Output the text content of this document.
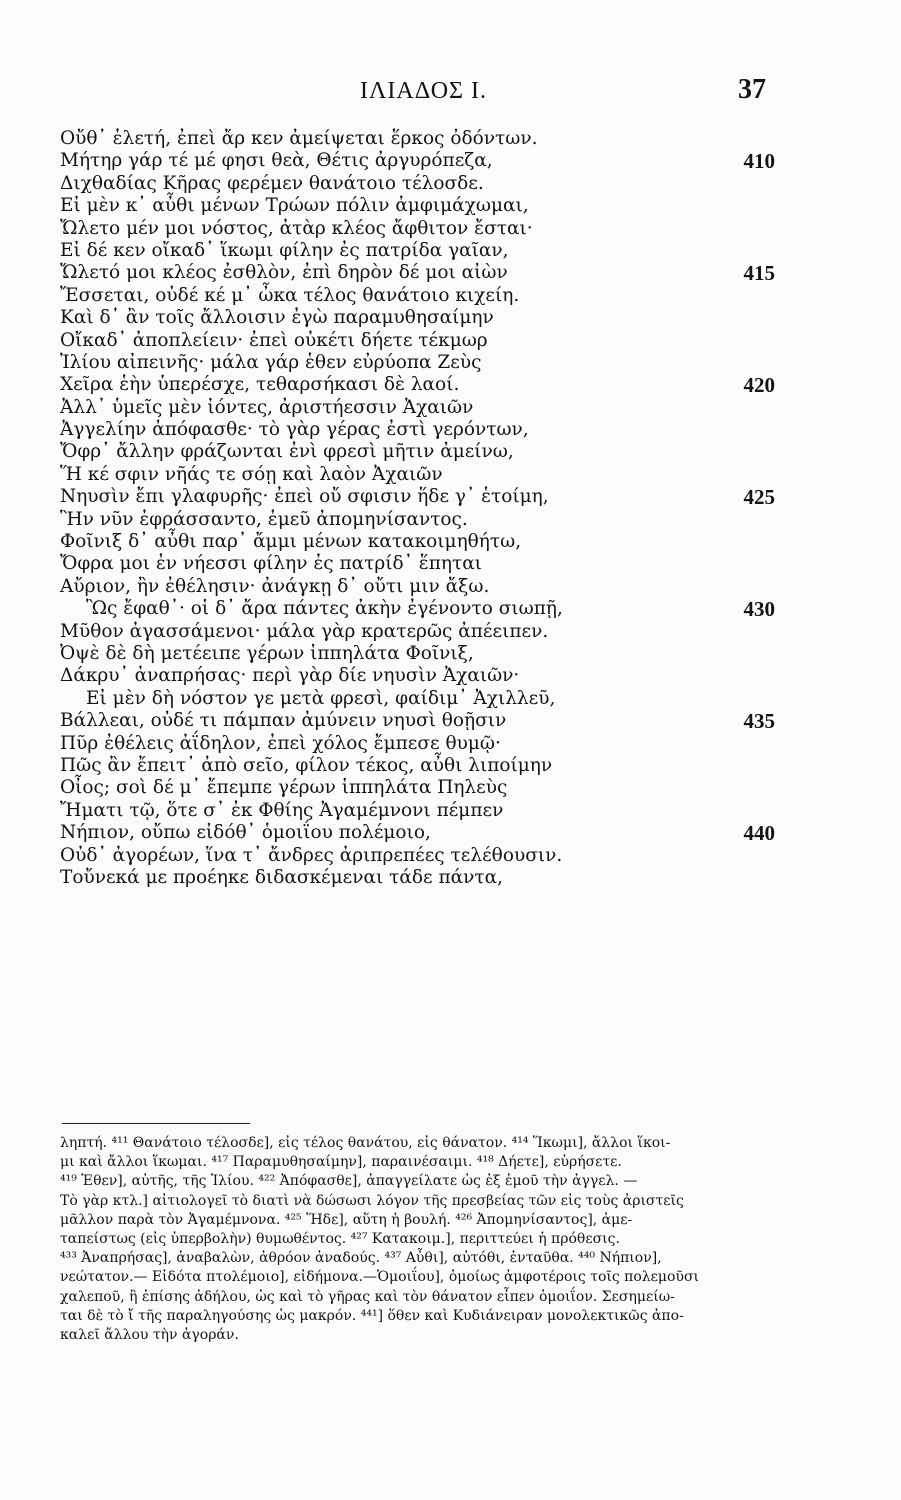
ΙΛΙΑΔΟΣ Ι.	37
Οὔθ᾿ ἑλετή, ἐπεὶ ἄρ κεν ἀμείψεται ἕρκος ὀδόντων.
Μήτηρ γάρ τέ μέ φησι θεὰ, Θέτις ἀργυρόπεζα,	410
Διχθαδίας Κῆρας φερέμεν θανάτοιο τέλοσδε.
Εἰ μὲν κ᾿ αὖθι μένων Τρώων πόλιν ἀμφιμάχωμαι,
Ὤλετο μέν μοι νόστος, ἀτὰρ κλέος ἄφθιτον ἔσται·
Εἰ δέ κεν οἴκαδ᾿ ἵκωμι φίλην ἐς πατρίδα γαῖαν,
Ὤλετό μοι κλέος ἐσθλὸν, ἐπὶ δηρὸν δέ μοι αἰὼν	415
Ἔσσεται, οὐδέ κέ μ᾿ ὦκα τέλος θανάτοιο κιχείη.
Καὶ δ᾿ ἂν τοῖς ἄλλοισιν ἐγὼ παραμυθησαίμην
Οἴκαδ᾿ ἀποπλείειν· ἐπεὶ οὐκέτι δήετε τέκμωρ
Ἰλίου αἰπεινῆς· μάλα γάρ ἑθεν εὐρύοπα Ζεὺς
Χεῖρα ἑὴν ὑπερέσχε, τεθαρσήκασι δὲ λαοί.	420
Ἀλλ᾿ ὑμεῖς μὲν ἰόντες, ἀριστήεσσιν Ἀχαιῶν
Ἀγγελίην ἀπόφασθε· τὸ γὰρ γέρας ἐστὶ γερόντων,
Ὄφρ᾿ ἄλλην φράζωνται ἐνὶ φρεσὶ μῆτιν ἀμείνω,
Ἥ κέ σφιν νῆάς τε σόῃ καὶ λαὸν Ἀχαιῶν
Νηυσὶν ἔπι γλαφυρῆς· ἐπεὶ οὔ σφισιν ἥδε γ᾿ ἑτοίμη,	425
Ἣν νῦν ἐφράσσαντο, ἐμεῦ ἀπομηνίσαντος.
Φοῖνιξ δ᾿ αὖθι παρ᾿ ἄμμι μένων κατακοιμηθήτω,
Ὄφρα μοι ἐν νήεσσι φίλην ἐς πατρίδ᾿ ἕπηται
Αὔριον, ἢν ἐθέλησιν· ἀνάγκῃ δ᾿ οὔτι μιν ἄξω.
Ὣς ἔφαθ᾿· οἱ δ᾿ ἄρα πάντες ἀκὴν ἐγένοντο σιωπῇ,	430
Μῦθον ἀγασσάμενοι· μάλα γὰρ κρατερῶς ἀπέειπεν.
Ὀψὲ δὲ δὴ μετέειπε γέρων ἱππηλάτα Φοῖνιξ,
Δάκρυ᾿ ἀναπρήσας· περὶ γὰρ δίε νηυσὶν Ἀχαιῶν·
Εἰ μὲν δὴ νόστον γε μετὰ φρεσὶ, φαίδιμ᾿ Ἀχιλλεῦ,
Βάλλεαι, οὐδέ τι πάμπαν ἀμύνειν νηυσὶ θοῇσιν	435
Πῦρ ἐθέλεις ἀΐδηλον, ἐπεὶ χόλος ἔμπεσε θυμῷ·
Πῶς ἂν ἔπειτ᾿ ἀπὸ σεῖο, φίλον τέκος, αὖθι λιποίμην
Οἶος; σοὶ δέ μ᾿ ἔπεμπε γέρων ἱππηλάτα Πηλεὺς
Ἤματι τῷ, ὅτε σ᾿ ἐκ Φθίης Ἀγαμέμνονι πέμπεν
Νήπιον, οὔπω εἰδόθ᾿ ὁμοιΐου πολέμοιο,	440
Οὐδ᾿ ἀγορέων, ἵνα τ᾿ ἄνδρες ἀριπρεπέες τελέθουσιν.
Τοὔνεκά με προέηκε διδασκέμεναι τάδε πάντα,
ληπτή. ⁴¹¹ Θανάτοιο τέλοσδε], εἰς τέλος θανάτου, εἰς θάνατον. ⁴¹⁴ Ἵκωμι], ἄλλοι ἵκοι-
μι καὶ ἄλλοι ἵκωμαι. ⁴¹⁷ Παραμυθησαίμην], παραινέσαιμι. ⁴¹⁸ Δήετε], εὑρήσετε.
⁴¹⁹ Ἑθεν], αὐτῆς, τῆς Ἰλίου. ⁴²² Ἀπόφασθε], ἀπαγγείλατε ὡς ἐξ ἐμοῦ τὴν ἀγγελ. —
Τὸ γὰρ κτλ.] αἰτιολογεῖ τὸ διατὶ νὰ δώσωσι λόγον τῆς πρεσβείας τῶν εἰς τοὺς ἀριστεῖς
μᾶλλον παρὰ τὸν Ἀγαμέμνονα. ⁴²⁵ Ἥδε], αὕτη ἡ βουλή. ⁴²⁶ Ἀπομηνίσαντος], ἀμε-
ταπείστως (εἰς ὑπερβολὴν) θυμωθέντος. ⁴²⁷ Κατακοιμ.], περιττεύει ἡ πρόθεσις.
⁴³³ Ἀναπρήσας], ἀναβαλὼν, ἀθρόον ἀναδούς. ⁴³⁷ Αὖθι], αὐτόθι, ἐνταῦθα. ⁴⁴⁰ Νήπιον],
νεώτατον.— Εἰδότα πτολέμοιο], εἰδήμονα.—Ὁμοιΐου], ὁμοίως ἀμφοτέροις τοῖς πολεμοῦσι
χαλεποῦ, ἢ ἐπίσης ἀδήλου, ὡς καὶ τὸ γῆρας καὶ τὸν θάνατον εἶπεν ὁμοιΐον. Σεσημείω-
ται δὲ τὸ ἴ τῆς παραληγούσης ὡς μακρόν. ⁴⁴¹] ὅθεν καὶ Κυδιάνειραν μονολεκτικῶς ἀπο-
καλεῖ ἄλλου τὴν ἀγοράν.
